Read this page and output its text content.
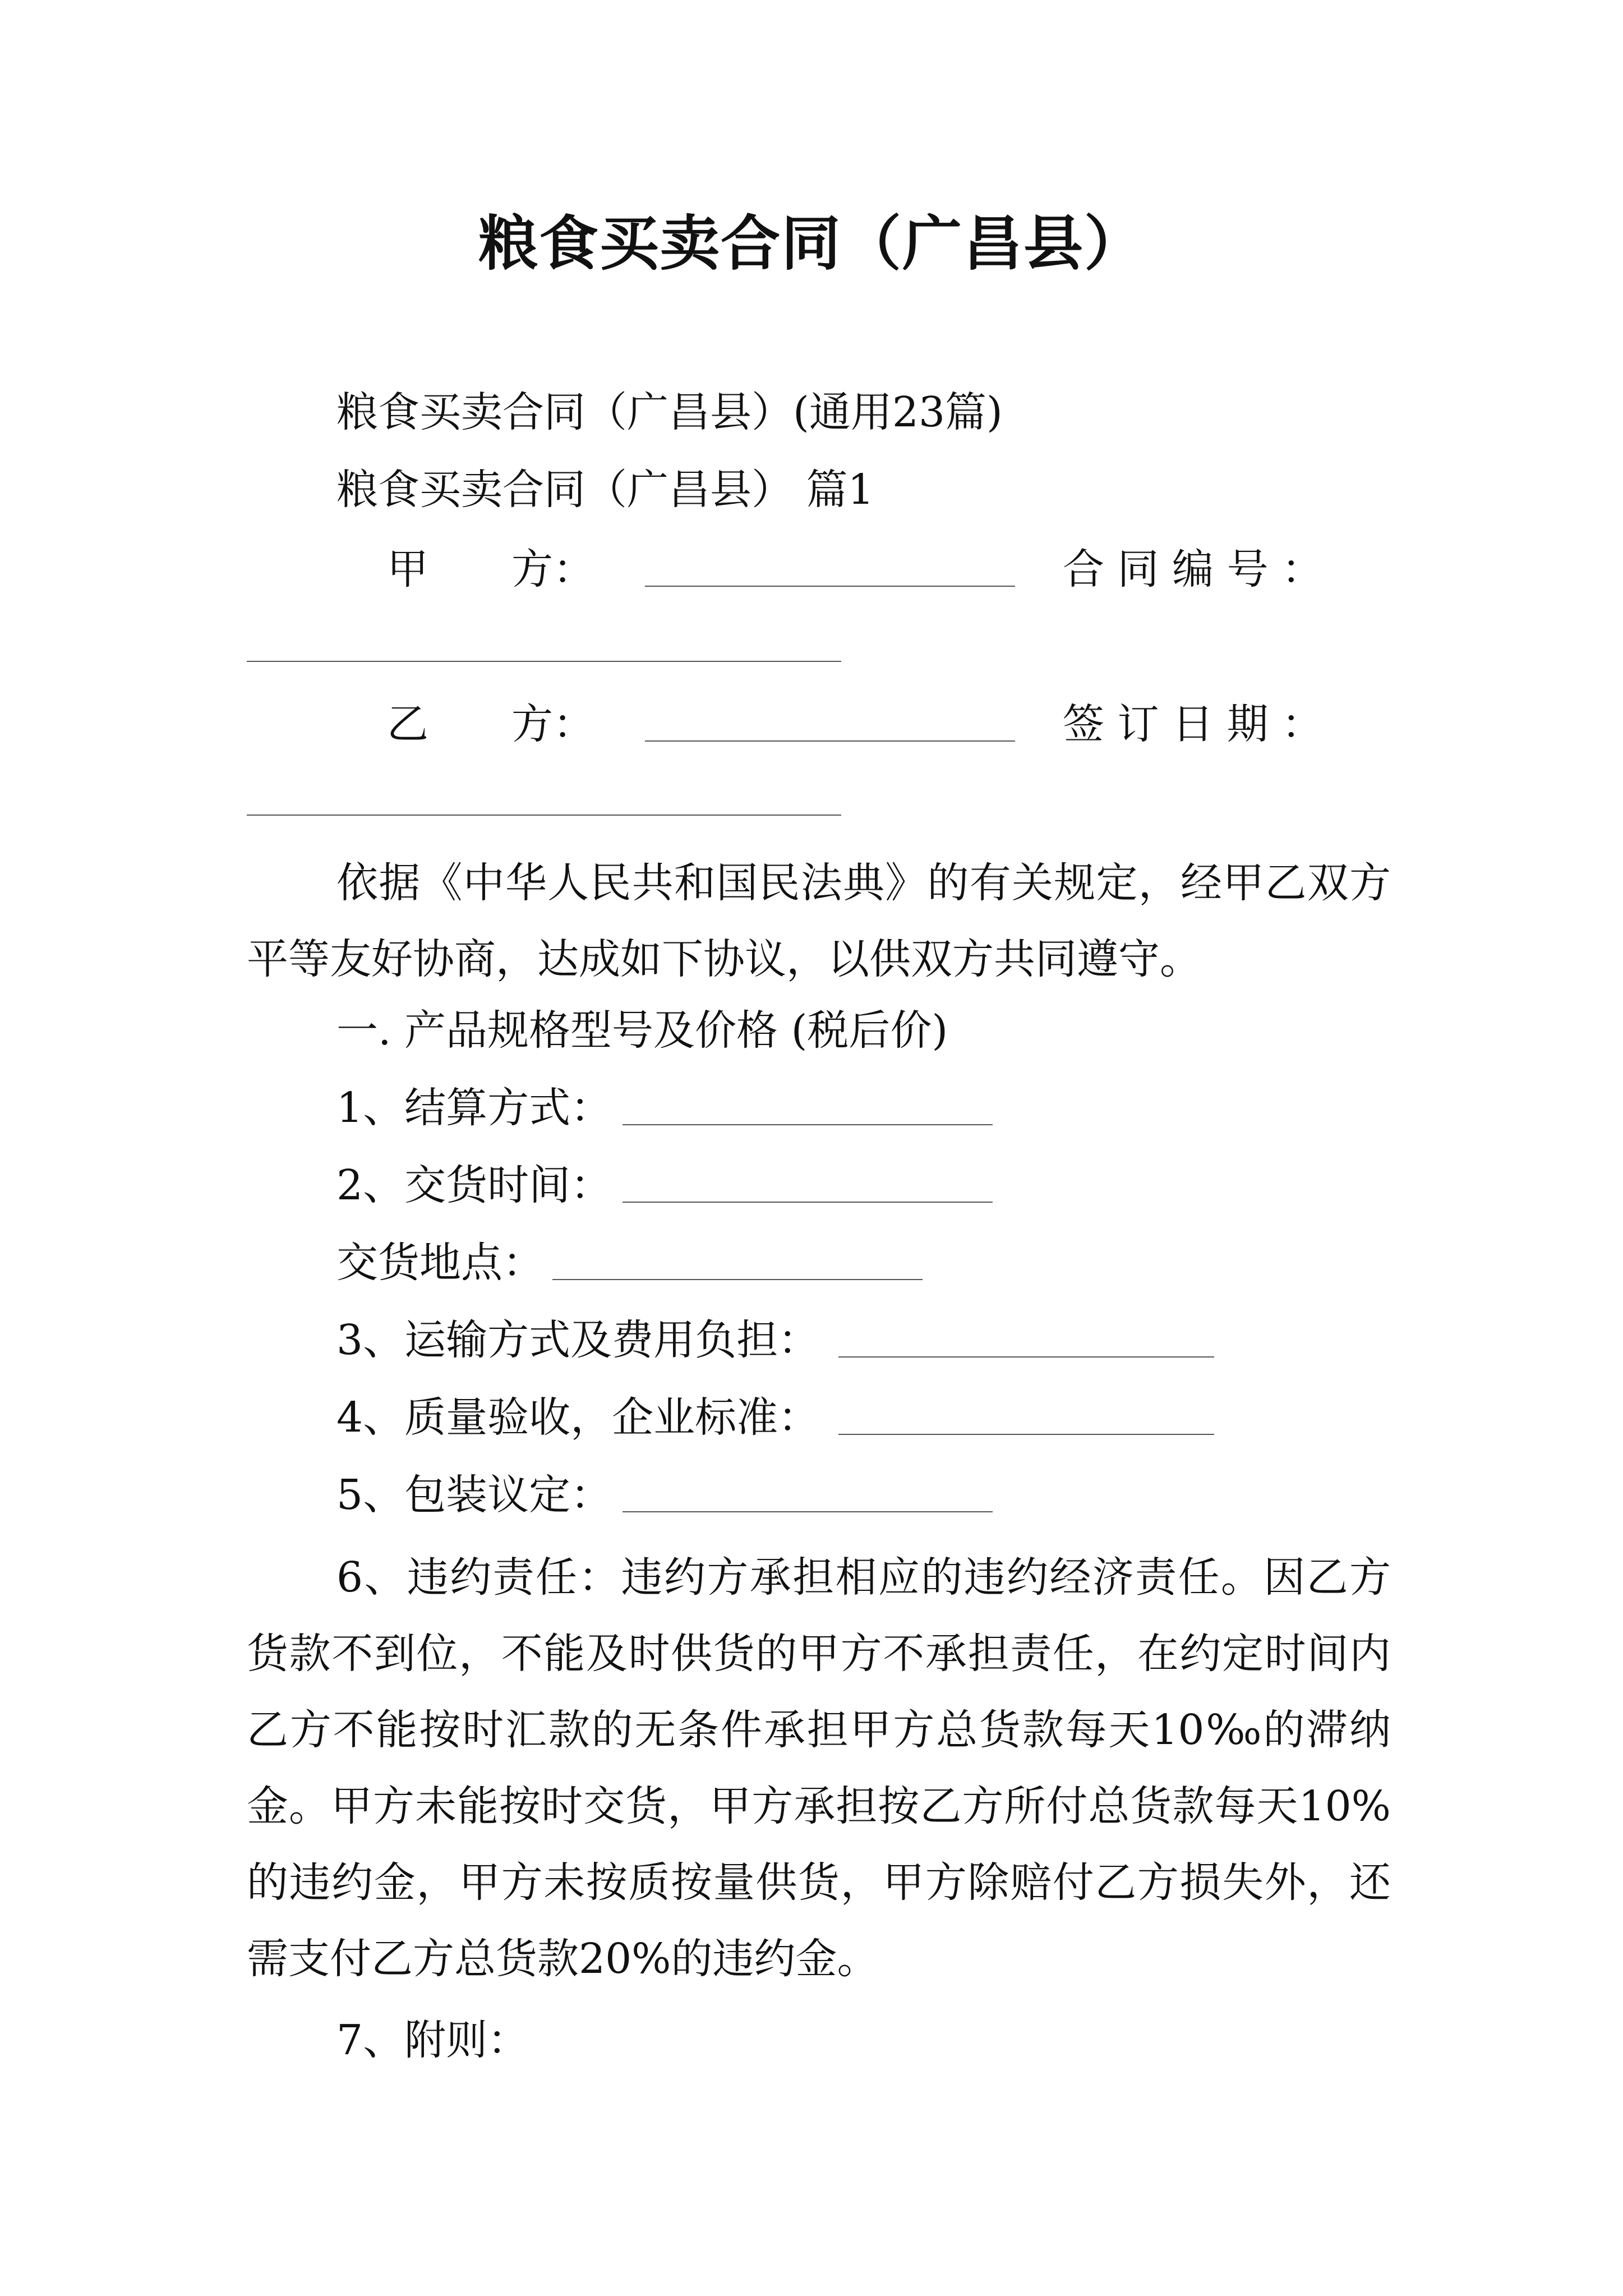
粮食买卖合同（广昌县）

粮食买卖合同（广昌县）(通用23篇)

粮食买卖合同（广昌县） 篇1

甲　　方：	合 同 编 号 ：

乙　　方：	签 订 日 期 ：

依据《中华人民共和国民法典》的有关规定，经甲乙双方平等友好协商，达成如下协议，以供双方共同遵守。

一. 产品规格型号及价格 (税后价)

1、结算方式：

2、交货时间：

交货地点：

3、运输方式及费用负担：

4、质量验收，企业标准：

5、包装议定：

6、违约责任：违约方承担相应的违约经济责任。因乙方货款不到位，不能及时供货的甲方不承担责任，在约定时间内乙方不能按时汇款的无条件承担甲方总货款每天10‰的滞纳金。甲方未能按时交货，甲方承担按乙方所付总货款每天10%的违约金，甲方未按质按量供货，甲方除赔付乙方损失外，还需支付乙方总货款20%的违约金。

7、附则：
